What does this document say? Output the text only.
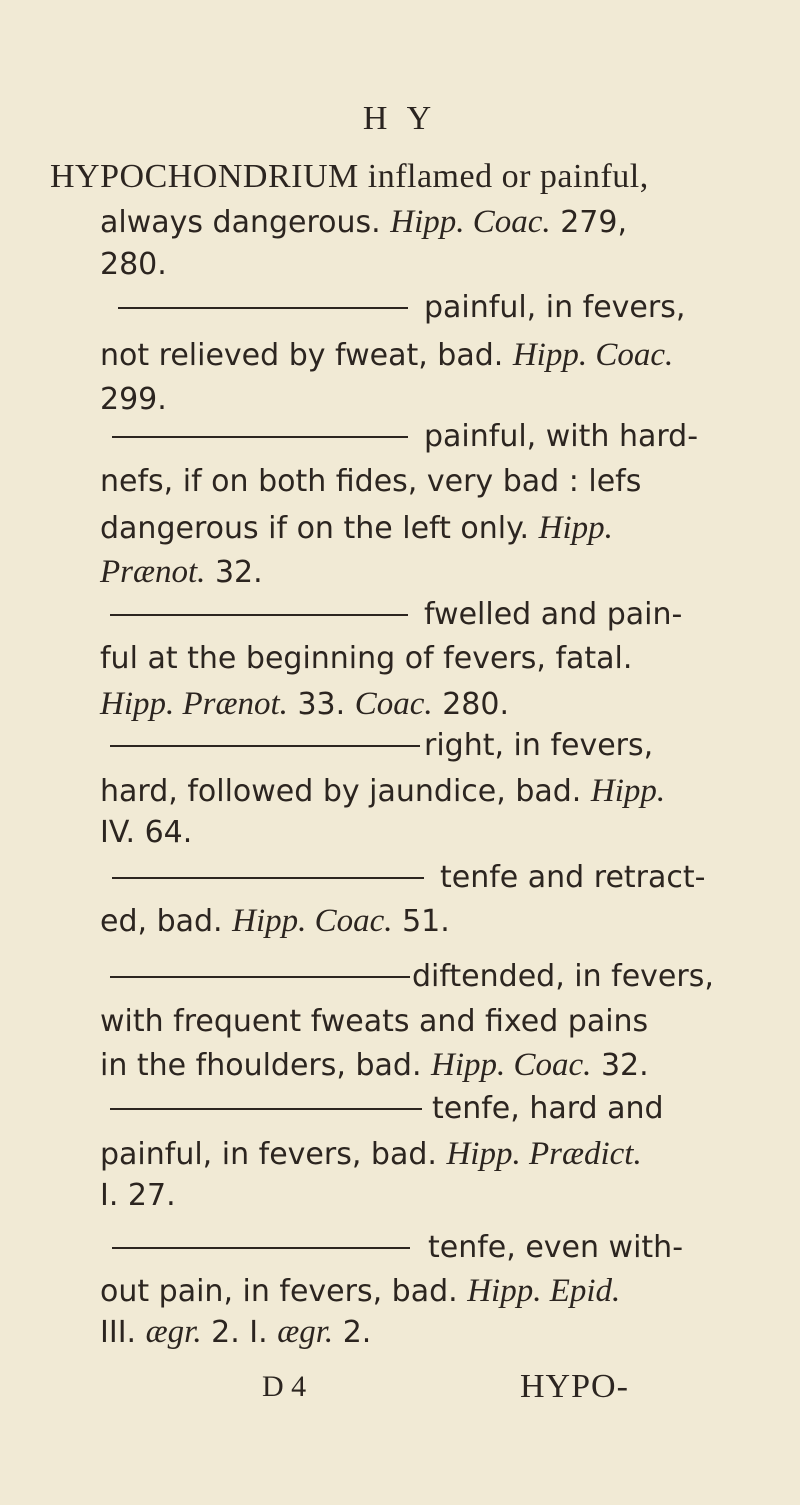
H Y
HYPOCHONDRIUM inflamed or painful,
always dangerous. Hipp. Coac. 279,
280.
painful, in fevers,
not relieved by fweat, bad. Hipp. Coac.
299.
painful, with hard-
nefs, if on both fides, very bad : lefs
dangerous if on the left only. Hipp.
Prænot. 32.
fwelled and pain-
ful at the beginning of fevers, fatal.
Hipp. Prænot. 33. Coac. 280.
right, in fevers,
hard, followed by jaundice, bad. Hipp.
IV. 64.
tenfe and retract-
ed, bad. Hipp. Coac. 51.
diftended, in fevers,
with frequent fweats and fixed pains
in the fhoulders, bad. Hipp. Coac. 32.
tenfe, hard and
painful, in fevers, bad. Hipp. Prædict.
I. 27.
tenfe, even with-
out pain, in fevers, bad. Hipp. Epid.
III. ægr. 2. I. ægr. 2.
D 4	HYPO-
